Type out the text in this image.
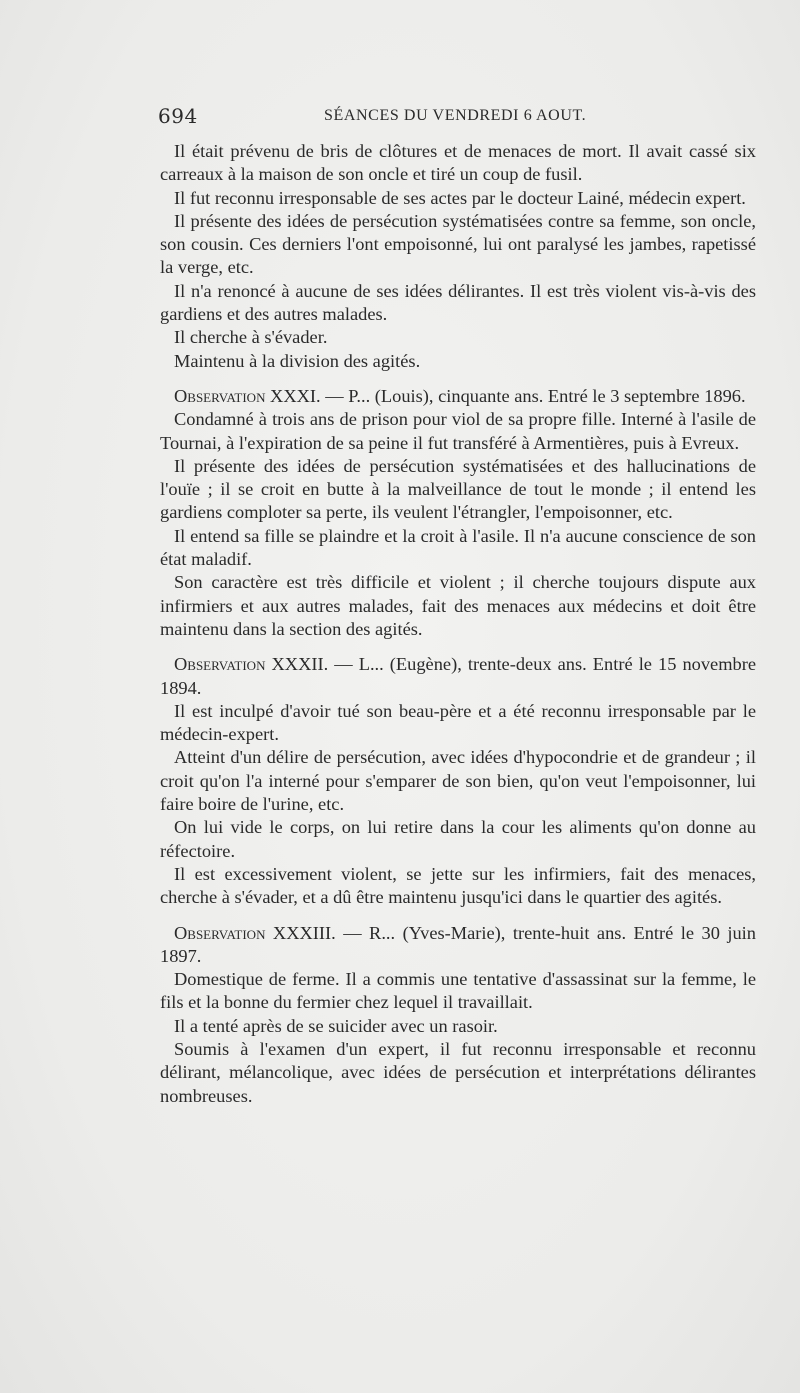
694	SÉANCES DU VENDREDI 6 AOUT.

Il était prévenu de bris de clôtures et de menaces de mort. Il avait cassé six carreaux à la maison de son oncle et tiré un coup de fusil.

Il fut reconnu irresponsable de ses actes par le docteur Lainé, médecin expert.

Il présente des idées de persécution systématisées contre sa femme, son oncle, son cousin. Ces derniers l'ont empoisonné, lui ont paralysé les jambes, rapetissé la verge, etc.

Il n'a renoncé à aucune de ses idées délirantes. Il est très violent vis-à-vis des gardiens et des autres malades.

Il cherche à s'évader.

Maintenu à la division des agités.

Observation XXXI. — P... (Louis), cinquante ans. Entré le 3 septembre 1896.

Condamné à trois ans de prison pour viol de sa propre fille. Interné à l'asile de Tournai, à l'expiration de sa peine il fut transféré à Armentières, puis à Evreux.

Il présente des idées de persécution systématisées et des hallucinations de l'ouïe ; il se croit en butte à la malveillance de tout le monde ; il entend les gardiens comploter sa perte, ils veulent l'étrangler, l'empoisonner, etc.

Il entend sa fille se plaindre et la croit à l'asile. Il n'a aucune conscience de son état maladif.

Son caractère est très difficile et violent ; il cherche toujours dispute aux infirmiers et aux autres malades, fait des menaces aux médecins et doit être maintenu dans la section des agités.

Observation XXXII. — L... (Eugène), trente-deux ans. Entré le 15 novembre 1894.

Il est inculpé d'avoir tué son beau-père et a été reconnu irresponsable par le médecin-expert.

Atteint d'un délire de persécution, avec idées d'hypocondrie et de grandeur ; il croit qu'on l'a interné pour s'emparer de son bien, qu'on veut l'empoisonner, lui faire boire de l'urine, etc.

On lui vide le corps, on lui retire dans la cour les aliments qu'on donne au réfectoire.

Il est excessivement violent, se jette sur les infirmiers, fait des menaces, cherche à s'évader, et a dû être maintenu jusqu'ici dans le quartier des agités.

Observation XXXIII. — R... (Yves-Marie), trente-huit ans. Entré le 30 juin 1897.

Domestique de ferme. Il a commis une tentative d'assassinat sur la femme, le fils et la bonne du fermier chez lequel il travaillait.

Il a tenté après de se suicider avec un rasoir.

Soumis à l'examen d'un expert, il fut reconnu irresponsable et reconnu délirant, mélancolique, avec idées de persécution et interprétations délirantes nombreuses.
